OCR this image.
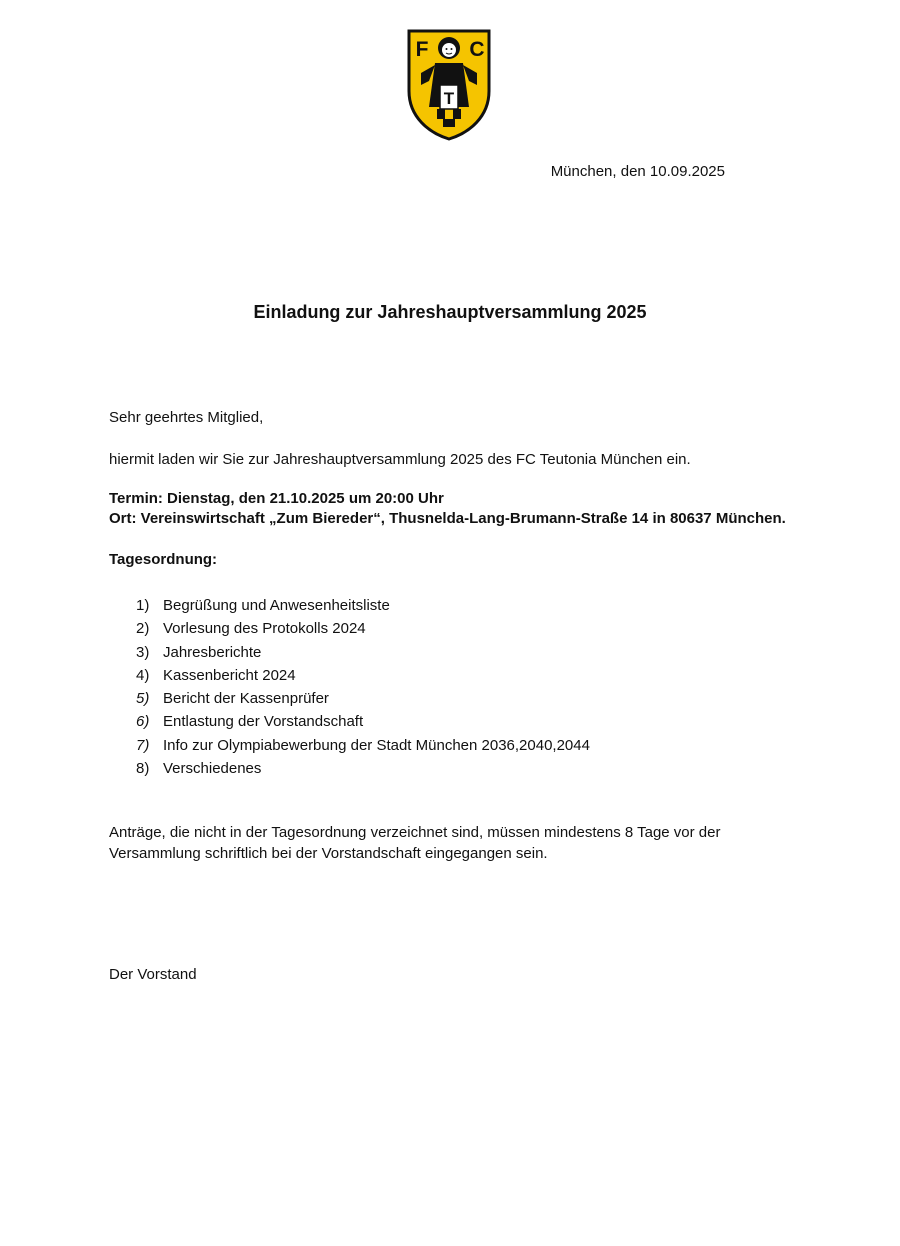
F C
T
München, den 10.09.2025
Einladung zur Jahreshauptversammlung 2025
Sehr geehrtes Mitglied,
hiermit laden wir Sie zur Jahreshauptversammlung 2025 des FC Teutonia München ein.
Termin: Dienstag, den 21.10.2025 um 20:00 Uhr
Ort: Vereinswirtschaft „Zum Biereder“, Thusnelda-Lang-Brumann-Straße 14 in 80637 München.
Tagesordnung:
1) Begrüßung und Anwesenheitsliste
2) Vorlesung des Protokolls 2024
3) Jahresberichte
4) Kassenbericht 2024
5) Bericht der Kassenprüfer
6) Entlastung der Vorstandschaft
7) Info zur Olympiabewerbung der Stadt München 2036,2040,2044
8) Verschiedenes
Anträge, die nicht in der Tagesordnung verzeichnet sind, müssen mindestens 8 Tage vor der
Versammlung schriftlich bei der Vorstandschaft eingegangen sein.
Der Vorstand
